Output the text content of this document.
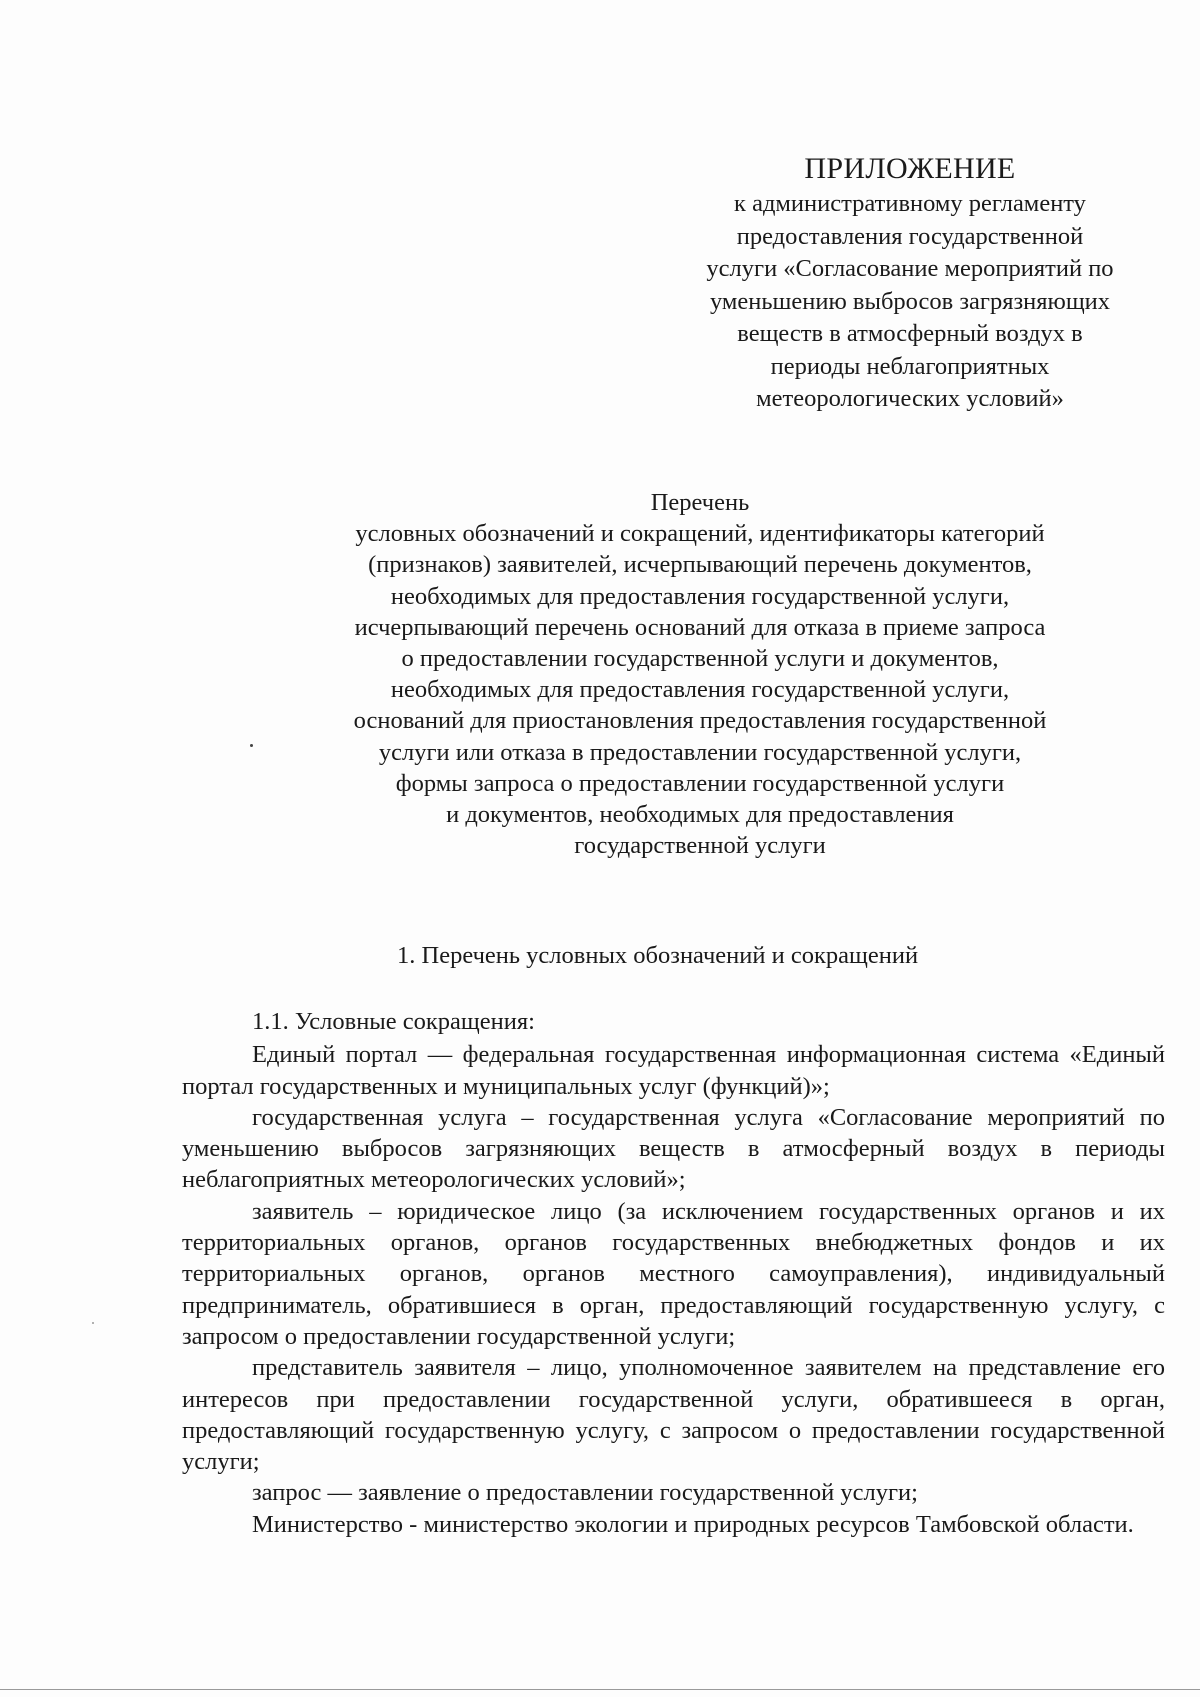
ПРИЛОЖЕНИЕ
к административному регламенту
предоставления государственной
услуги «Согласование мероприятий по
уменьшению выбросов загрязняющих
веществ в атмосферный воздух в
периоды неблагоприятных
метеорологических условий»
Перечень
условных обозначений и сокращений, идентификаторы категорий
(признаков) заявителей, исчерпывающий перечень документов,
необходимых для предоставления государственной услуги,
исчерпывающий перечень оснований для отказа в приеме запроса
о предоставлении государственной услуги и документов,
необходимых для предоставления государственной услуги,
оснований для приостановления предоставления государственной
услуги или отказа в предоставлении государственной услуги,
формы запроса о предоставлении государственной услуги
и документов, необходимых для предоставления
государственной услуги
1. Перечень условных обозначений и сокращений

1.1. Условные сокращения:

Единый портал — федеральная государственная информационная система «Единый портал государственных и муниципальных услуг (функций)»;

государственная услуга – государственная услуга «Согласование мероприятий по уменьшению выбросов загрязняющих веществ в атмосферный воздух в периоды неблагоприятных метеорологических условий»;

заявитель – юридическое лицо (за исключением государственных органов и их территориальных органов, органов государственных внебюджетных фондов и их территориальных органов, органов местного самоуправления), индивидуальный предприниматель, обратившиеся в орган, предоставляющий государственную услугу, с запросом о предоставлении государственной услуги;

представитель заявителя – лицо, уполномоченное заявителем на представление его интересов при предоставлении государственной услуги, обратившееся в орган, предоставляющий государственную услугу, с запросом о предоставлении государственной услуги;

запрос — заявление о предоставлении государственной услуги;

Министерство - министерство экологии и природных ресурсов Тамбовской области.
